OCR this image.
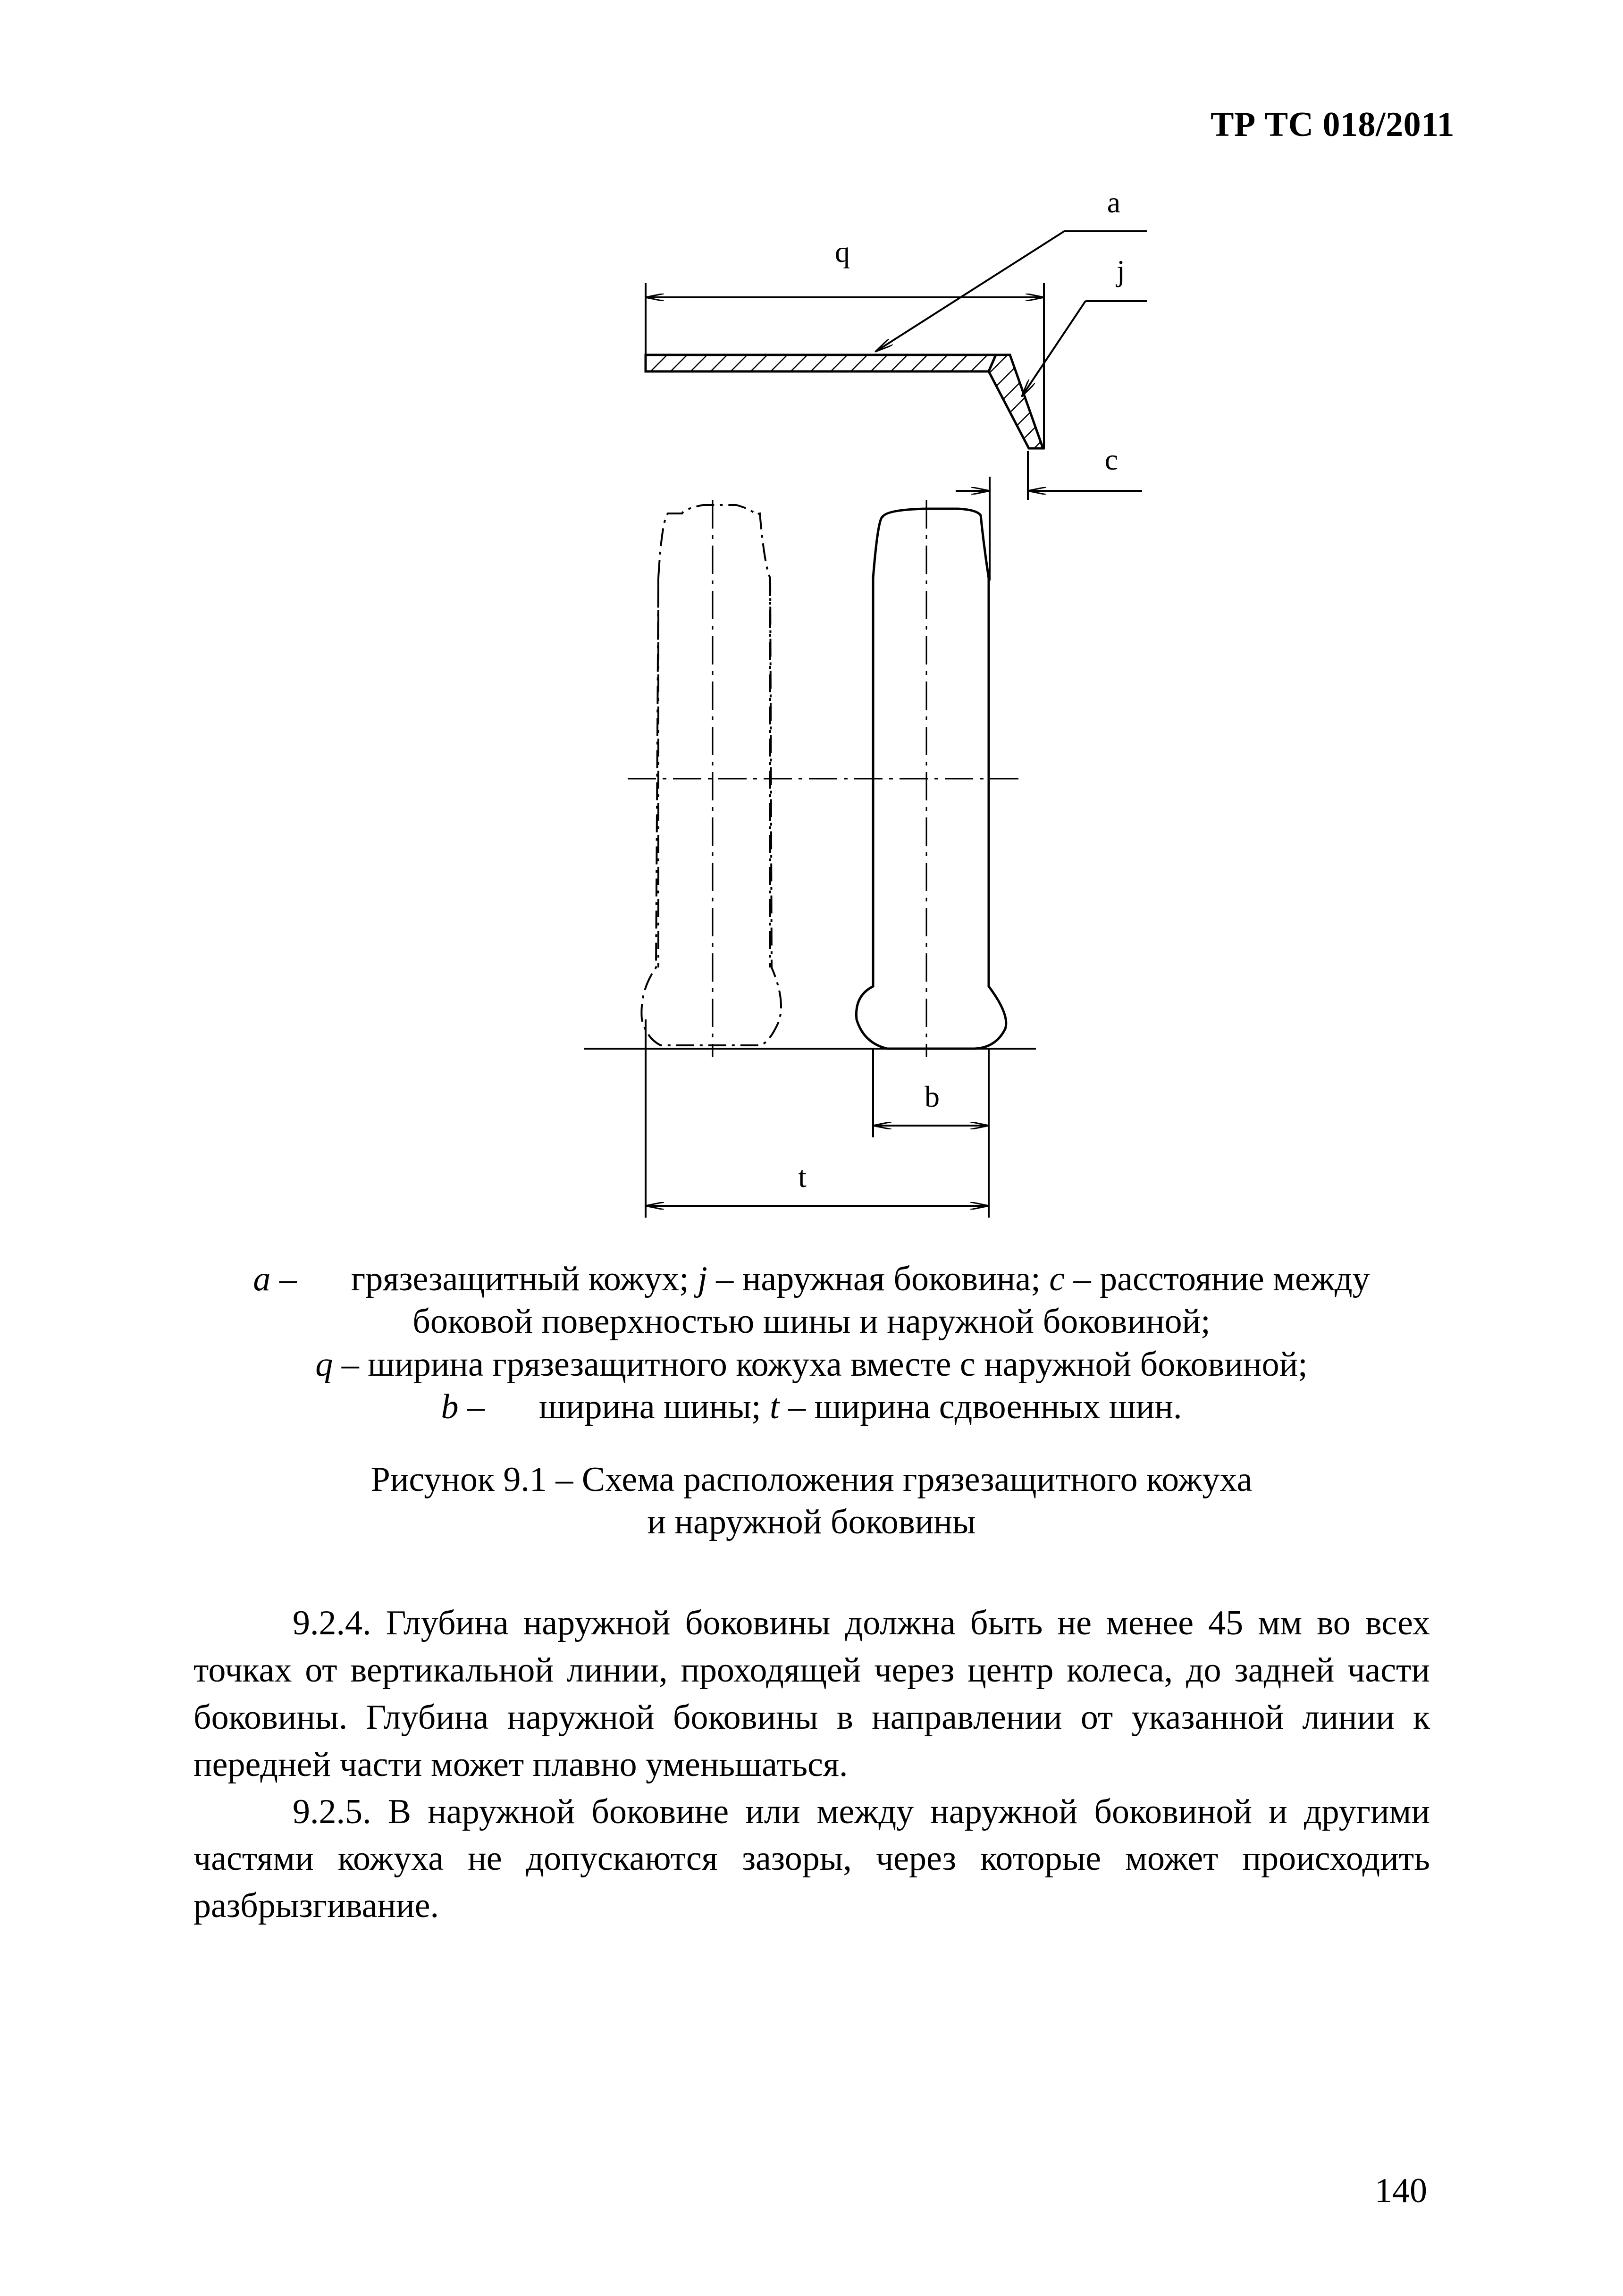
ТР ТС 018/2011
q
a
j
c
b
t
a – грязезащитный кожух; j – наружная боковина; c – расстояние между
боковой поверхностью шины и наружной боковиной;
q – ширина грязезащитного кожуха вместе с наружной боковиной;
b – ширина шины; t – ширина сдвоенных шин.
Рисунок 9.1 – Схема расположения грязезащитного кожуха
и наружной боковины

9.2.4. Глубина наружной боковины должна быть не менее 45 мм во всех точках от вертикальной линии, проходящей через центр колеса, до задней части боковины. Глубина наружной боковины в направлении от указанной линии к передней части может плавно уменьшаться.

9.2.5. В наружной боковине или между наружной боковиной и другими частями кожуха не допускаются зазоры, через которые может происходить разбрызгивание.

140
